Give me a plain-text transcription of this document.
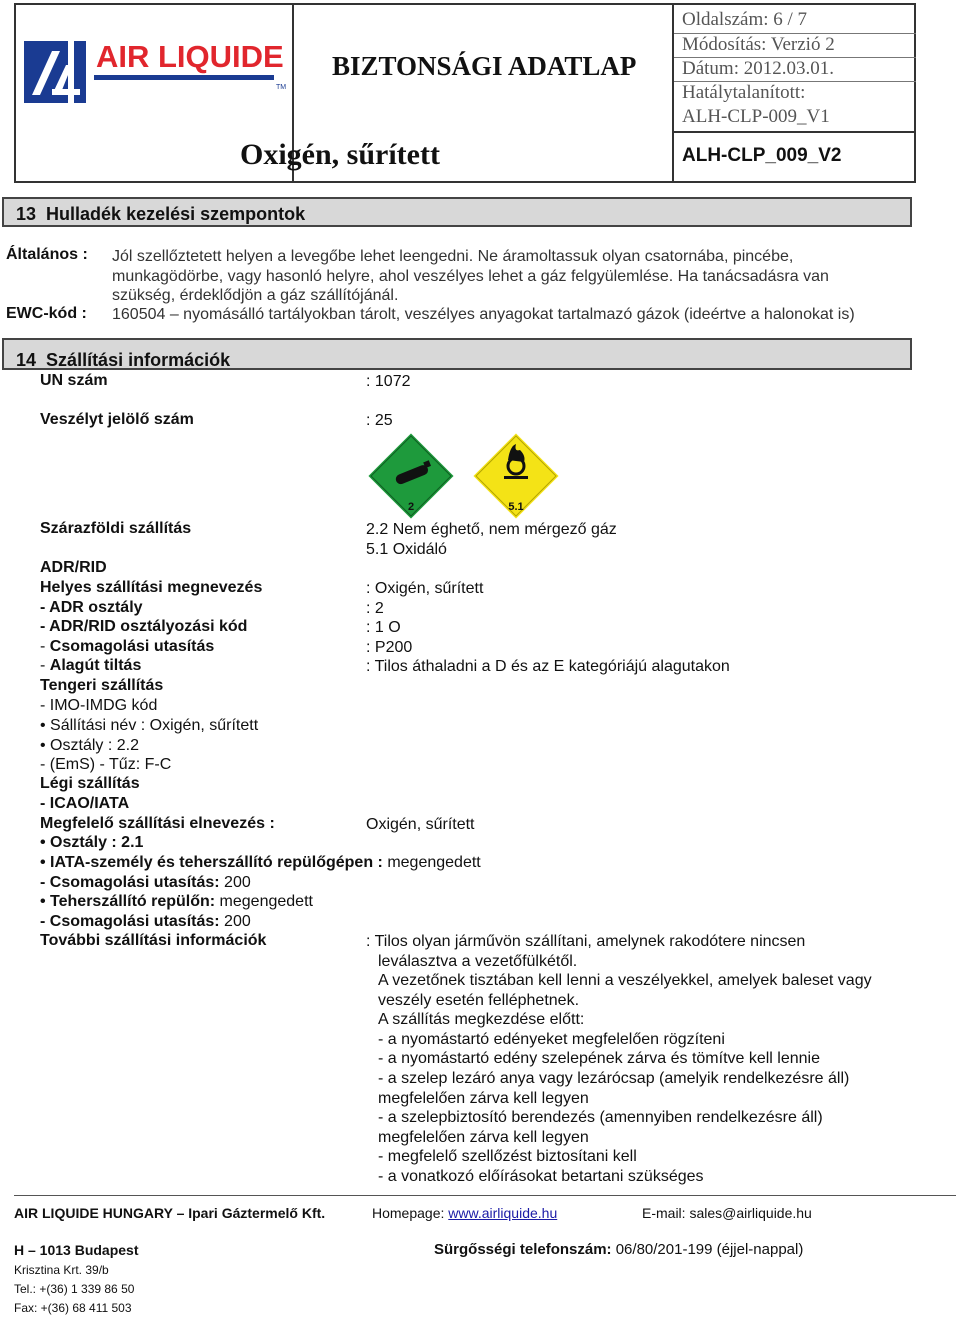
AIR LIQUIDE
TM
BIZTONSÁGI ADATLAP
Oxigén, sűrített
Oldalszám: 6 / 7
Módosítás: Verzió 2
Dátum: 2012.03.01.
Hatálytalanított:
ALH-CLP-009_V1
ALH-CLP_009_V2
13 Hulladék kezelési szempontok
Általános : Jól szellőztetett helyen a levegőbe lehet leengedni. Ne áramoltassuk olyan csatornába, pincébe,
munkagödörbe, vagy hasonló helyre, ahol veszélyes lehet a gáz felgyülemlése. Ha tanácsadásra van
szükség, érdeklődjön a gáz szállítójánál.
EWC-kód : 160504 – nyomásálló tartályokban tárolt, veszélyes anyagokat tartalmazó gázok (ideértve a halonokat is)
14 Szállítási információk
UN szám	: 1072
Veszélyt jelölő szám	: 25
2	5.1
Szárazföldi szállítás	2.2 Nem éghető, nem mérgező gáz
5.1 Oxidáló
ADR/RID
Helyes szállítási megnevezés	: Oxigén, sűrített
- ADR osztály	: 2
- ADR/RID osztályozási kód	: 1 O
- Csomagolási utasítás	: P200
- Alagút tiltás	: Tilos áthaladni a D és az E kategóriájú alagutakon
Tengeri szállítás
- IMO-IMDG kód
• Sállítási név : Oxigén, sűrített
• Osztály : 2.2
- (EmS) - Tűz: F-C
Légi szállítás
- ICAO/IATA
Megfelelő szállítási elnevezés :	Oxigén, sűrített
• Osztály : 2.1
• IATA-személy és teherszállító repülőgépen : megengedett
- Csomagolási utasítás: 200
• Teherszállító repülőn: megengedett
- Csomagolási utasítás: 200
További szállítási információk	: Tilos olyan járművön szállítani, amelynek rakodótere nincsen
leválasztva a vezetőfülkétől.
A vezetőnek tisztában kell lenni a veszélyekkel, amelyek baleset vagy
veszély esetén felléphetnek.
A szállítás megkezdése előtt:
- a nyomástartó edényeket megfelelően rögzíteni
- a nyomástartó edény szelepének zárva és tömítve kell lennie
- a szelep lezáró anya vagy lezárócsap (amelyik rendelkezésre áll)
megfelelően zárva kell legyen
- a szelepbiztosító berendezés (amennyiben rendelkezésre áll)
megfelelően zárva kell legyen
- megfelelő szellőzést biztosítani kell
- a vonatkozó előírásokat betartani szükséges
AIR LIQUIDE HUNGARY – Ipari Gáztermelő Kft.	Homepage: www.airliquide.hu	E-mail: sales@airliquide.hu
H – 1013 Budapest	Sürgősségi telefonszám: 06/80/201-199 (éjjel-nappal)
Krisztina Krt. 39/b
Tel.: +(36) 1 339 86 50
Fax: +(36) 68 411 503
